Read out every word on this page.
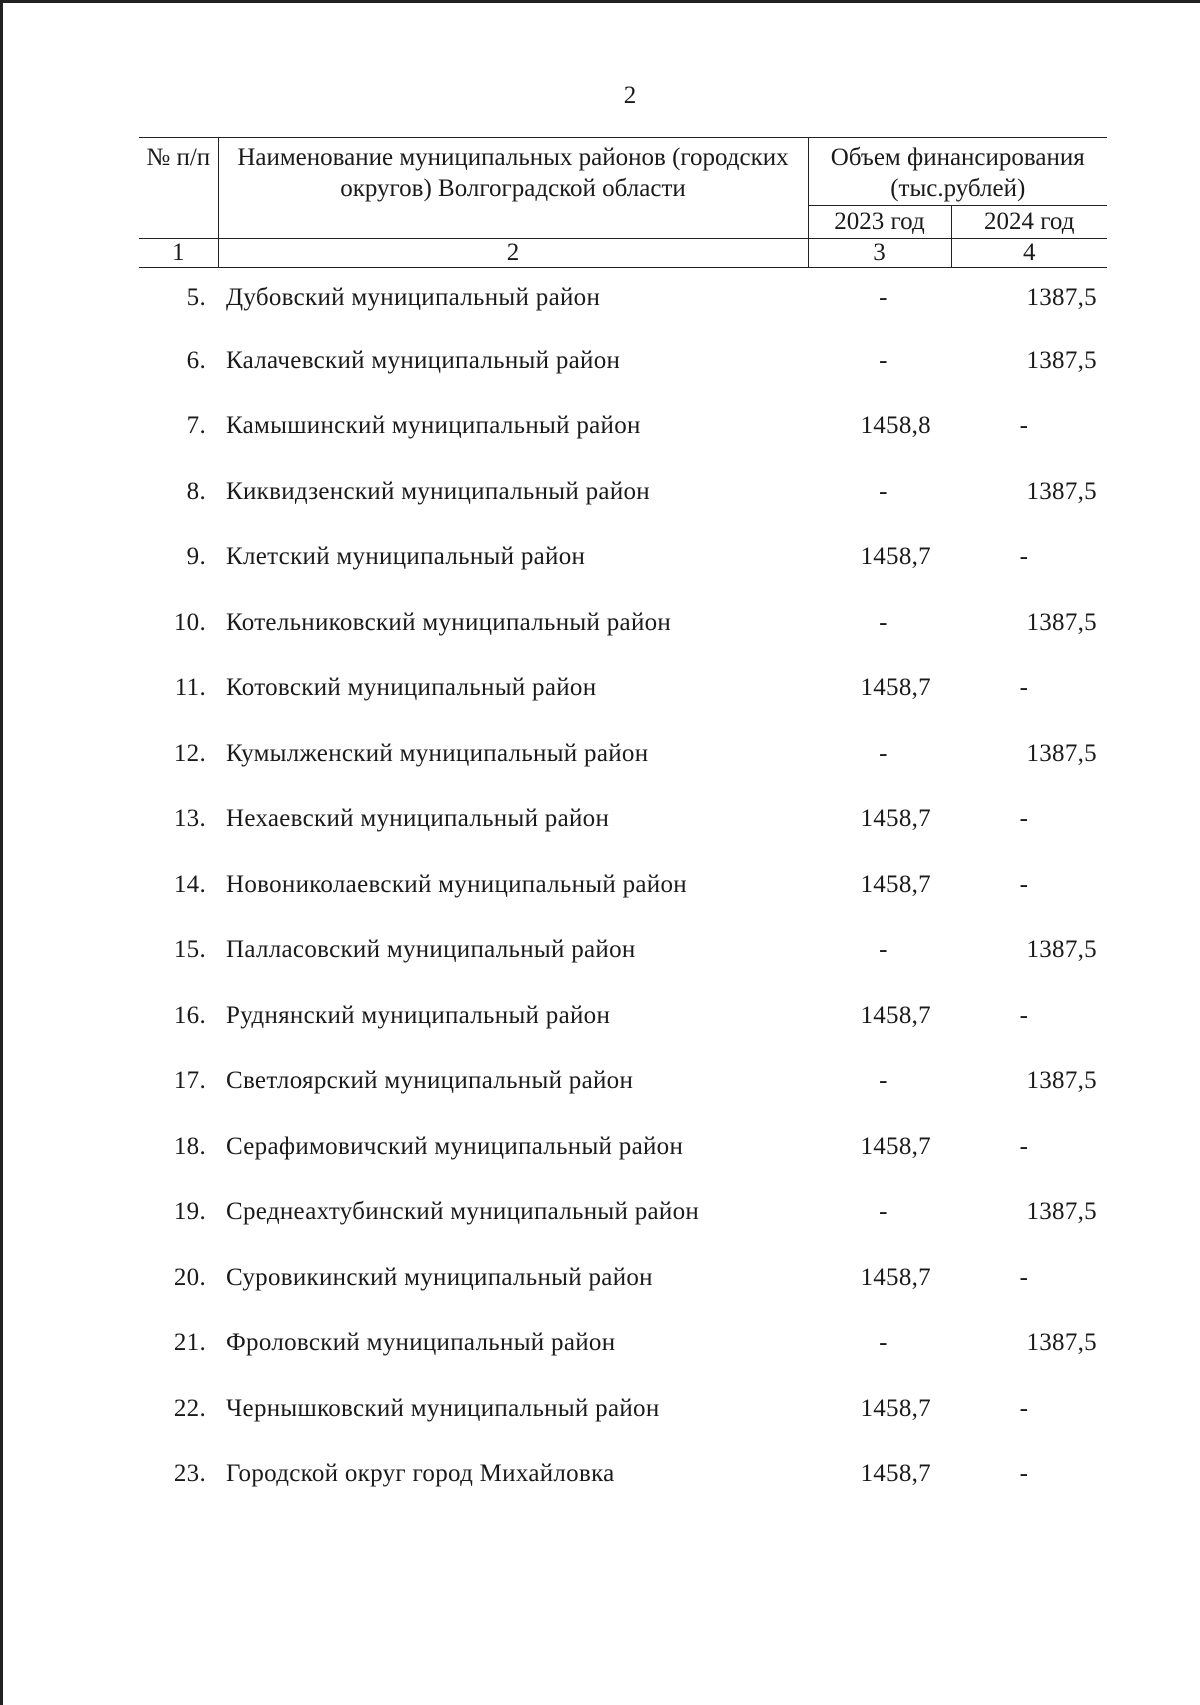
2
№ п/п	Наименование муниципальных районов (городских округов) Волгоградской области	Объем финансирования (тыс.рублей)	
		2023 год	2024 год
1	2	3	4
5.	Дубовский муниципальный район	-	1387,5
6.	Калачевский муниципальный район	-	1387,5
7.	Камышинский муниципальный район	1458,8	-
8.	Киквидзенский муниципальный район	-	1387,5
9.	Клетский муниципальный район	1458,7	-
10.	Котельниковский муниципальный район	-	1387,5
11.	Котовский муниципальный район	1458,7	-
12.	Кумылженский муниципальный район	-	1387,5
13.	Нехаевский муниципальный район	1458,7	-
14.	Новониколаевский муниципальный район	1458,7	-
15.	Палласовский муниципальный район	-	1387,5
16.	Руднянский муниципальный район	1458,7	-
17.	Светлоярский муниципальный район	-	1387,5
18.	Серафимовичский муниципальный район	1458,7	-
19.	Среднеахтубинский муниципальный район	-	1387,5
20.	Суровикинский муниципальный район	1458,7	-
21.	Фроловский муниципальный район	-	1387,5
22.	Чернышковский муниципальный район	1458,7	-
23.	Городской округ город Михайловка	1458,7	-
